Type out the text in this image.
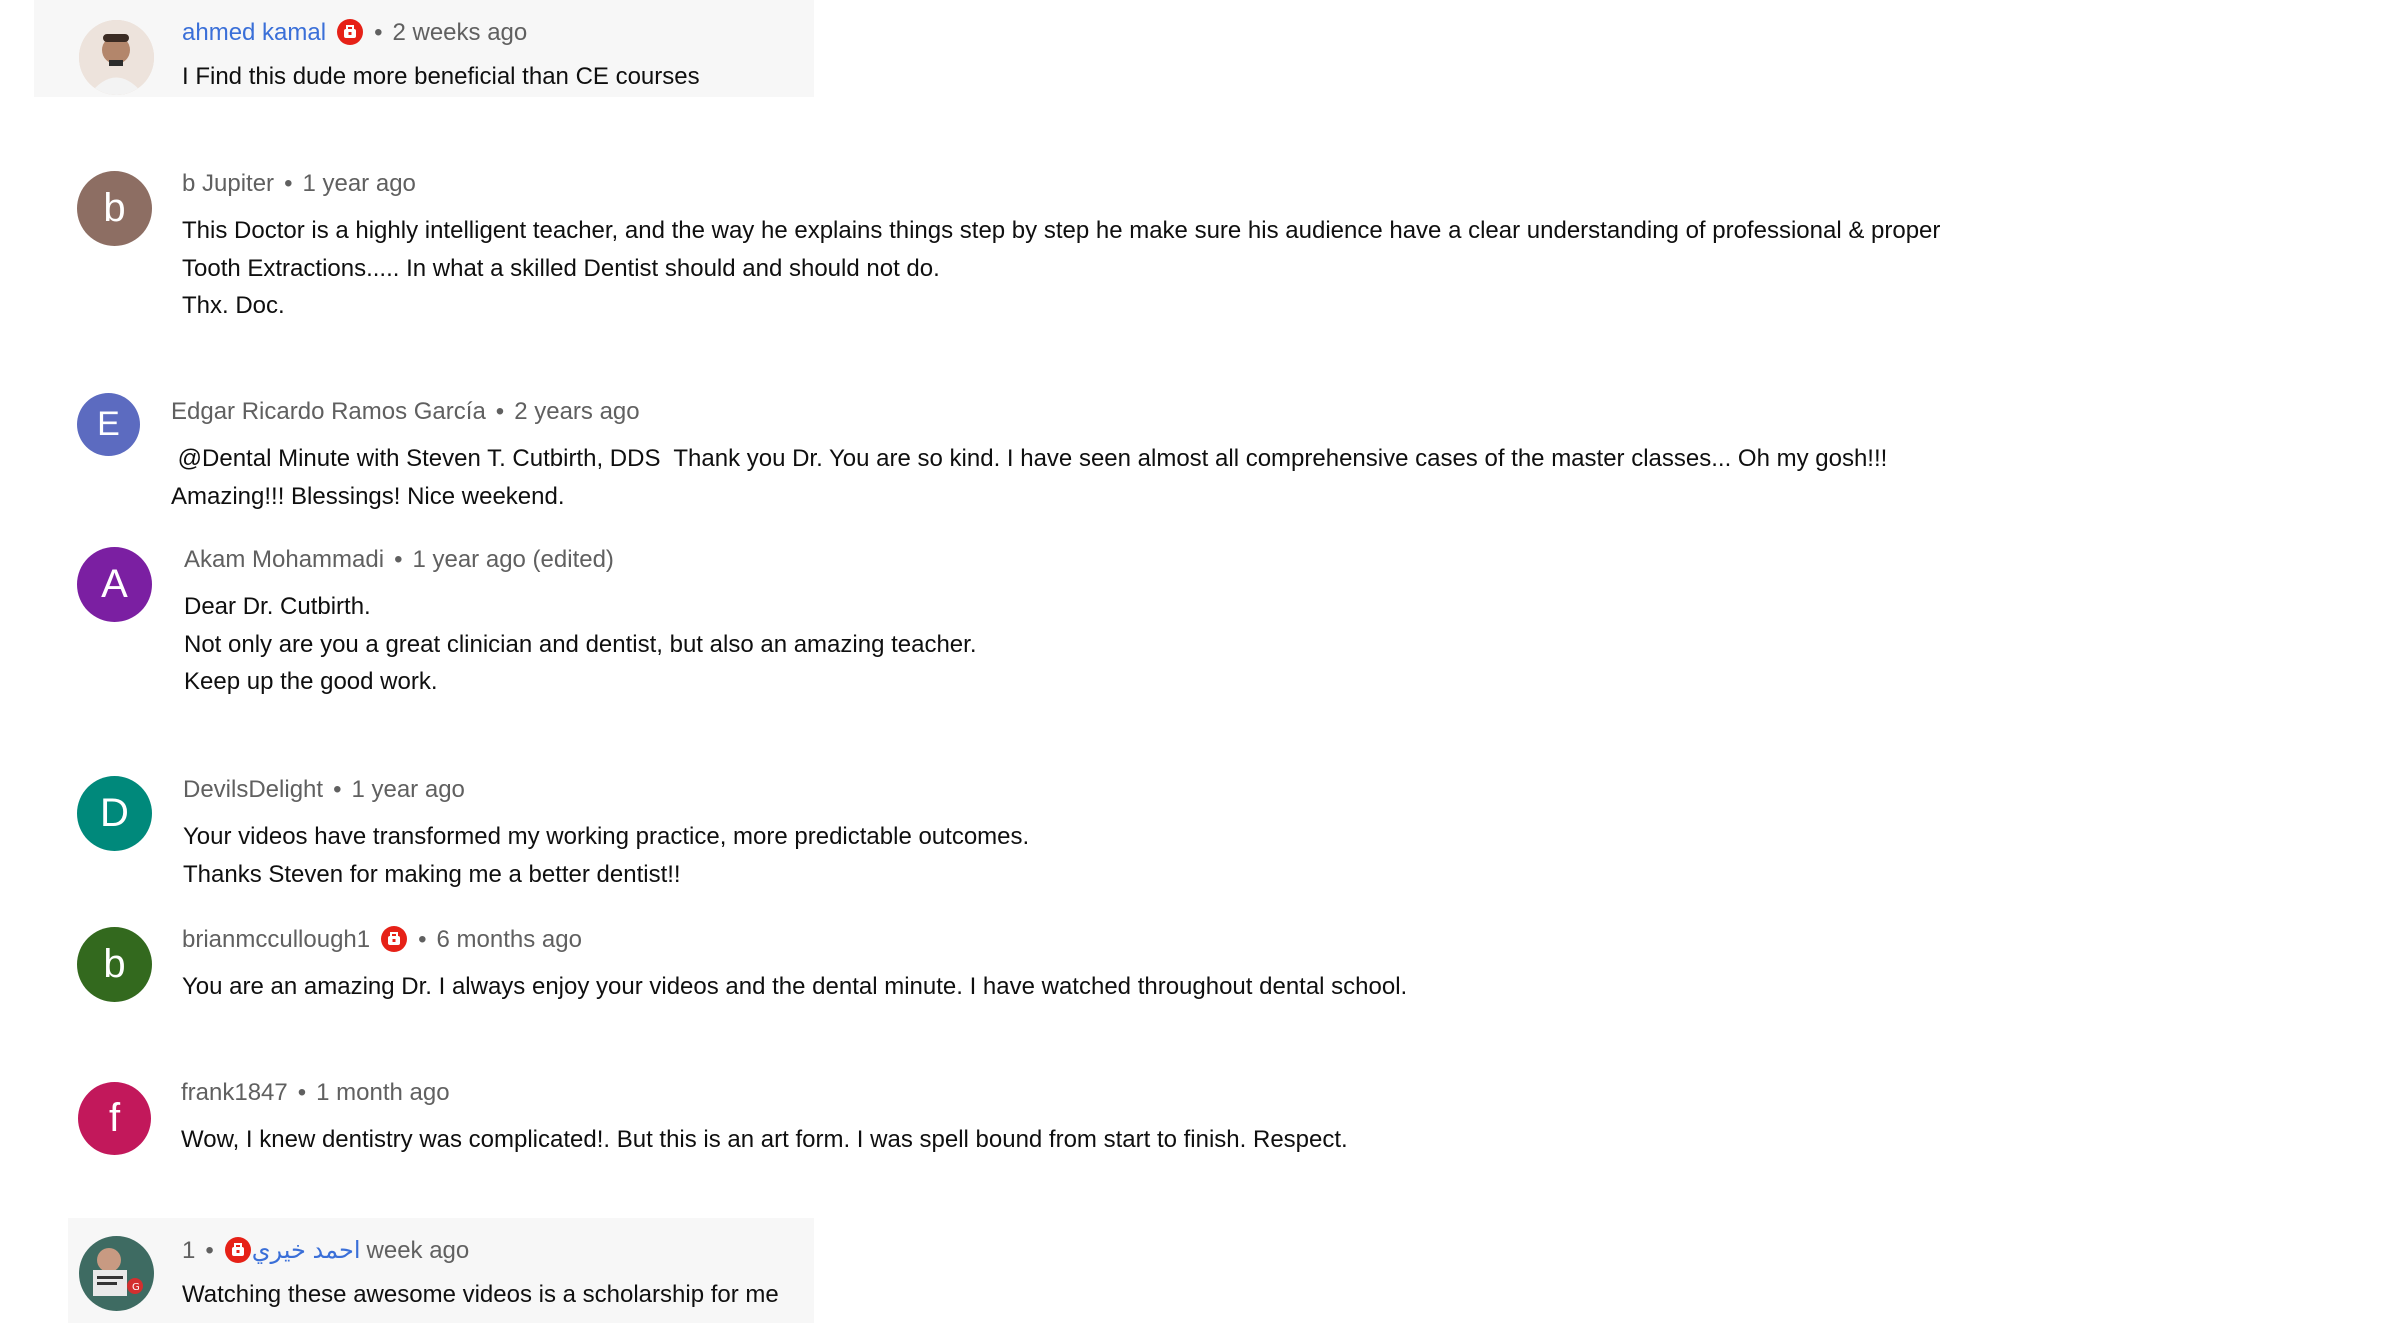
ahmed kamal • 2 weeks ago
I Find this dude more beneficial than CE courses
b
b Jupiter • 1 year ago
This Doctor is a highly intelligent teacher, and the way he explains things step by step he make sure his audience have a clear understanding of professional & proper
Tooth Extractions..... In what a skilled Dentist should and should not do.
Thx. Doc.
E	Edgar Ricardo Ramos García • 2 years ago
@Dental Minute with Steven T. Cutbirth, DDS  Thank you Dr. You are so kind. I have seen almost all comprehensive cases of the master classes... Oh my gosh!!!
Amazing!!! Blessings! Nice weekend.
A
Akam Mohammadi • 1 year ago (edited)
Dear Dr. Cutbirth.
Not only are you a great clinician and dentist, but also an amazing teacher.
Keep up the good work.
D
DevilsDelight • 1 year ago
Your videos have transformed my working practice, more predictable outcomes.
Thanks Steven for making me a better dentist!!
b
brianmccullough1 • 6 months ago
You are an amazing Dr. I always enjoy your videos and the dental minute. I have watched throughout dental school.
f
frank1847 • 1 month ago
Wow, I knew dentistry was complicated!. But this is an art form. I was spell bound from start to finish. Respect.
G
1 • احمد خيري week ago
Watching these awesome videos is a scholarship for me
